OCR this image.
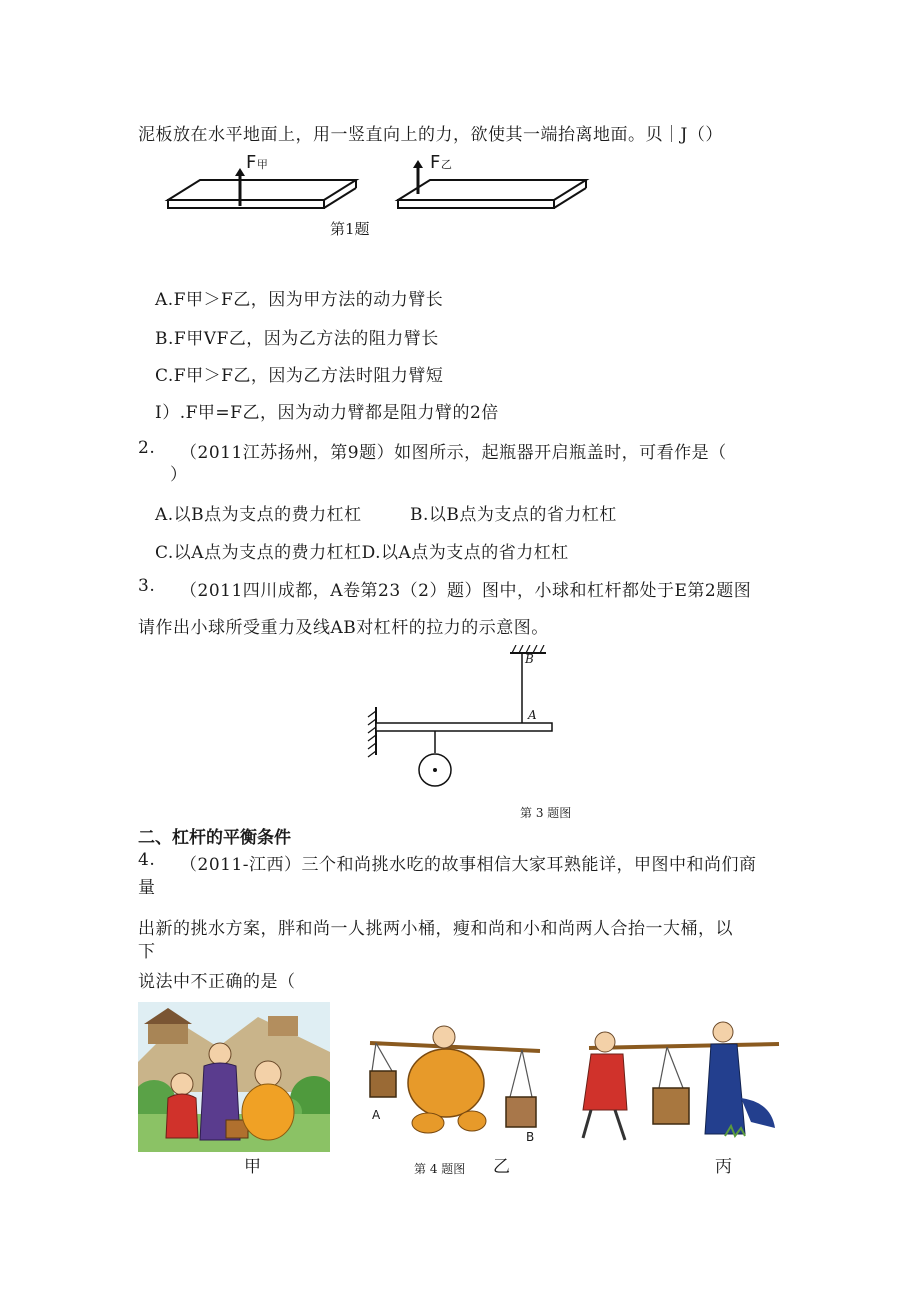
泥板放在水平地面上，用一竖直向上的力，欲使其一端抬离地面。贝｜J（）
F甲	F乙
第1题
A.F甲＞F乙，因为甲方法的动力臂长
B.F甲VF乙，因为乙方法的阻力臂长
C.F甲＞F乙，因为乙方法时阻力臂短
I）.F甲=F乙，因为动力臂都是阻力臂的2倍
2. （2011江苏扬州，第9题）如图所示，起瓶器开启瓶盖时，可看作是（
）
A.以B点为支点的费力杠杠	B.以B点为支点的省力杠杠
C.以A点为支点的费力杠杠D.以A点为支点的省力杠杠
3. （2011四川成都，A卷第23（2）题）图中，小球和杠杆都处于E第2题图
请作出小球所受重力及线AB对杠杆的拉力的示意图。
B
A
第 3 题图
二、杠杆的平衡条件
4. （2011-江西）三个和尚挑水吃的故事相信大家耳熟能详，甲图中和尚们商
量
出新的挑水方案，胖和尚一人挑两小桶，瘦和尚和小和尚两人合抬一大桶，以
下
说法中不正确的是（
A
B
甲	第 4 题图 乙	丙
